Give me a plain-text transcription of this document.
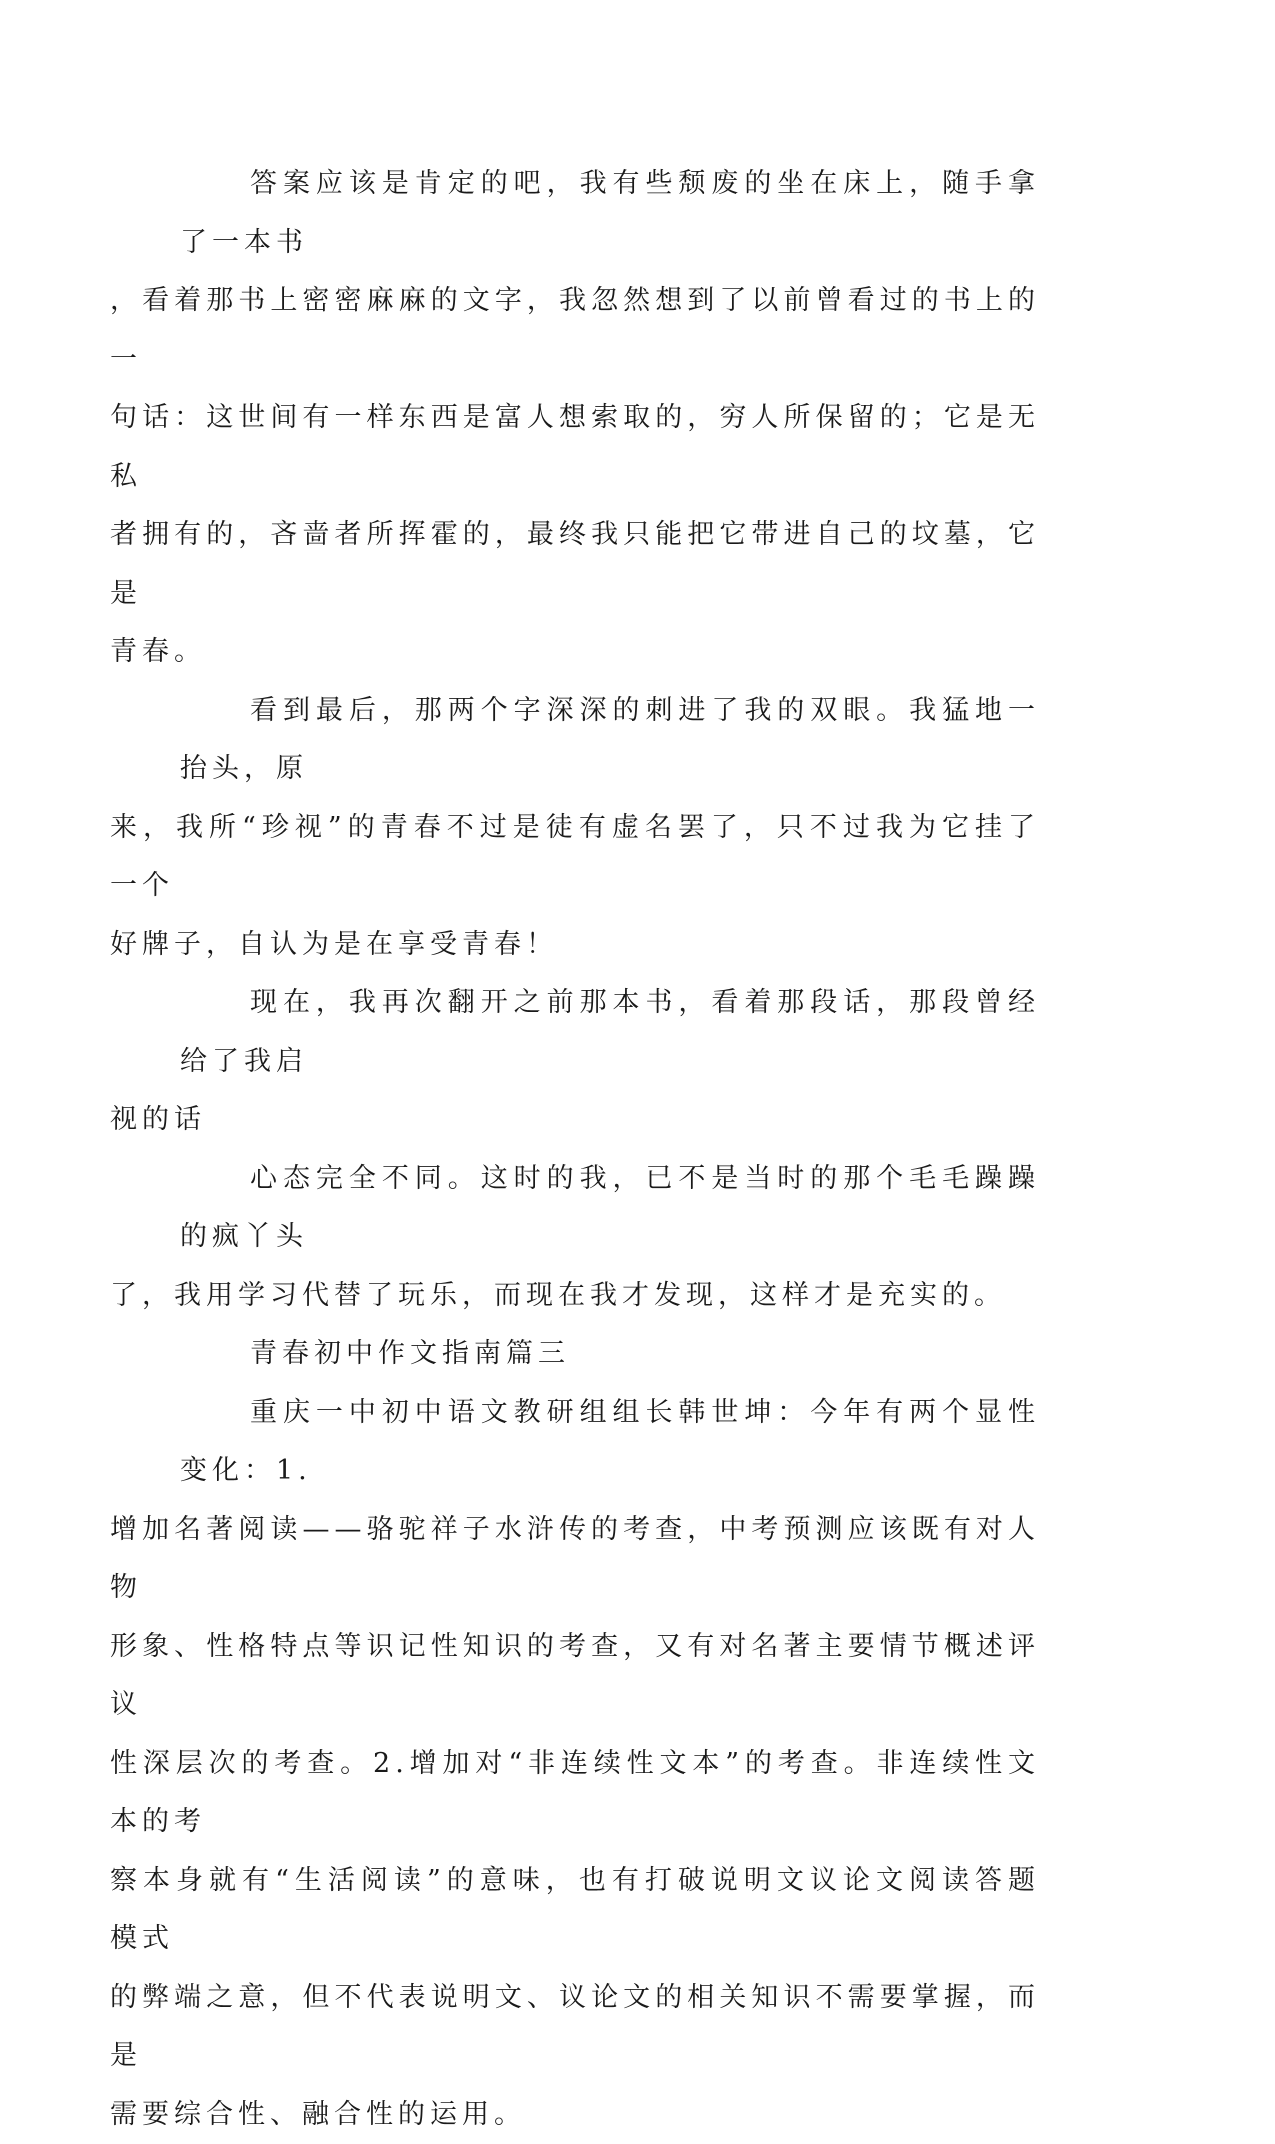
答案应该是肯定的吧，我有些颓废的坐在床上，随手拿了一本书
，看着那书上密密麻麻的文字，我忽然想到了以前曾看过的书上的一
句话：这世间有一样东西是富人想索取的，穷人所保留的；它是无私
者拥有的，吝啬者所挥霍的，最终我只能把它带进自己的坟墓，它是
青春。

看到最后，那两个字深深的刺进了我的双眼。我猛地一抬头，原
来，我所“珍视”的青春不过是徒有虚名罢了，只不过我为它挂了一个
好牌子，自认为是在享受青春！

现在，我再次翻开之前那本书，看着那段话，那段曾经给了我启
视的话

心态完全不同。这时的我，已不是当时的那个毛毛躁躁的疯丫头
了，我用学习代替了玩乐，而现在我才发现，这样才是充实的。

青春初中作文指南篇三

重庆一中初中语文教研组组长韩世坤：今年有两个显性变化：1.
增加名著阅读——骆驼祥子水浒传的考查，中考预测应该既有对人物
形象、性格特点等识记性知识的考查，又有对名著主要情节概述评议
性深层次的考查。2.增加对“非连续性文本”的考查。非连续性文本的考
察本身就有“生活阅读”的意味，也有打破说明文议论文阅读答题模式
的弊端之意，但不代表说明文、议论文的相关知识不需要掌握，而是
需要综合性、融合性的运用。
